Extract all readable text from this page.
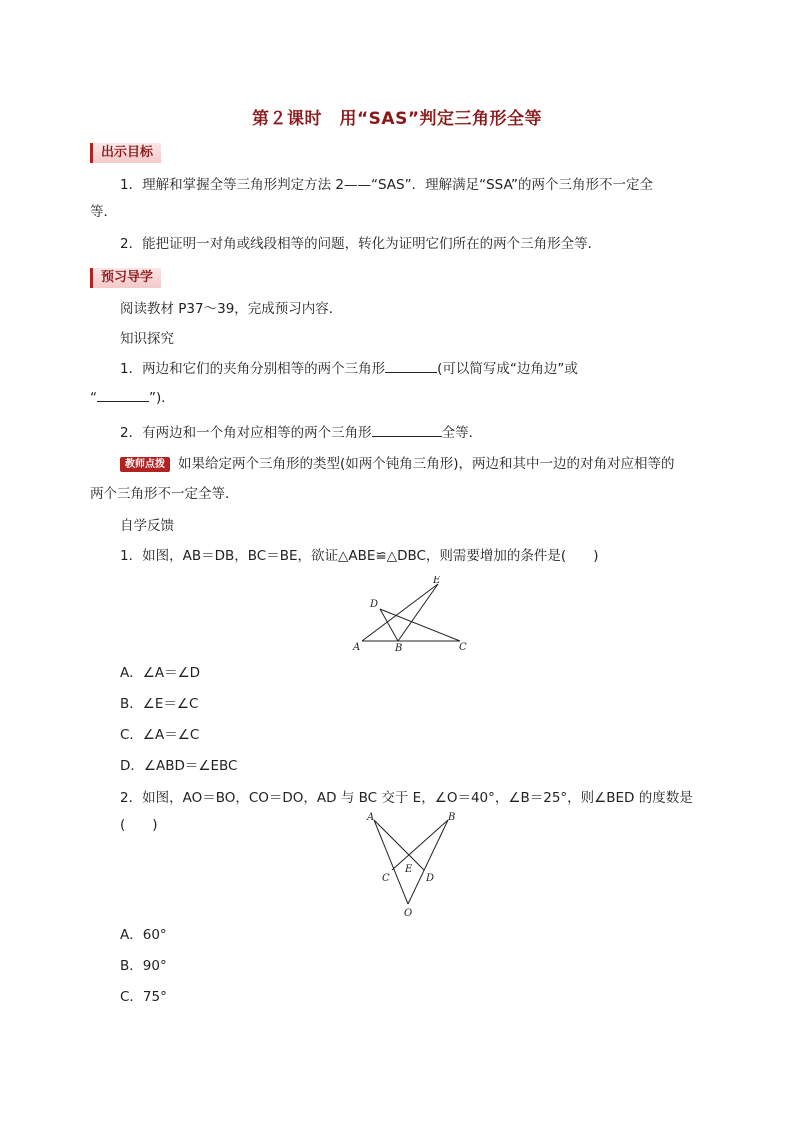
第２课时　用“SAS”判定三角形全等
出示目标
1．理解和掌握全等三角形判定方法 2——“SAS”．理解满足“SSA”的两个三角形不一定全
等．
2．能把证明一对角或线段相等的问题，转化为证明它们所在的两个三角形全等．
预习导学
阅读教材 P37～39，完成预习内容．
知识探究
1．两边和它们的夹角分别相等的两个三角形	(可以简写成“边角边”或
“	”)．
2．有两边和一个角对应相等的两个三角形	全等．
教师点拨 如果给定两个三角形的类型(如两个钝角三角形)，两边和其中一边的对角对应相等的
两个三角形不一定全等．
自学反馈
1．如图，AB＝DB，BC＝BE，欲证△ABE≌△DBC，则需要增加的条件是(　　)
A	B	C
D
E
A．∠A＝∠D
B．∠E＝∠C
C．∠A＝∠C
D．∠ABD＝∠EBC
2．如图，AO＝BO，CO＝DO，AD 与 BC 交于 E，∠O＝40°，∠B＝25°，则∠BED 的度数是(　　)	A	B
C	D
E
O
A．60°
B．90°
C．75°
